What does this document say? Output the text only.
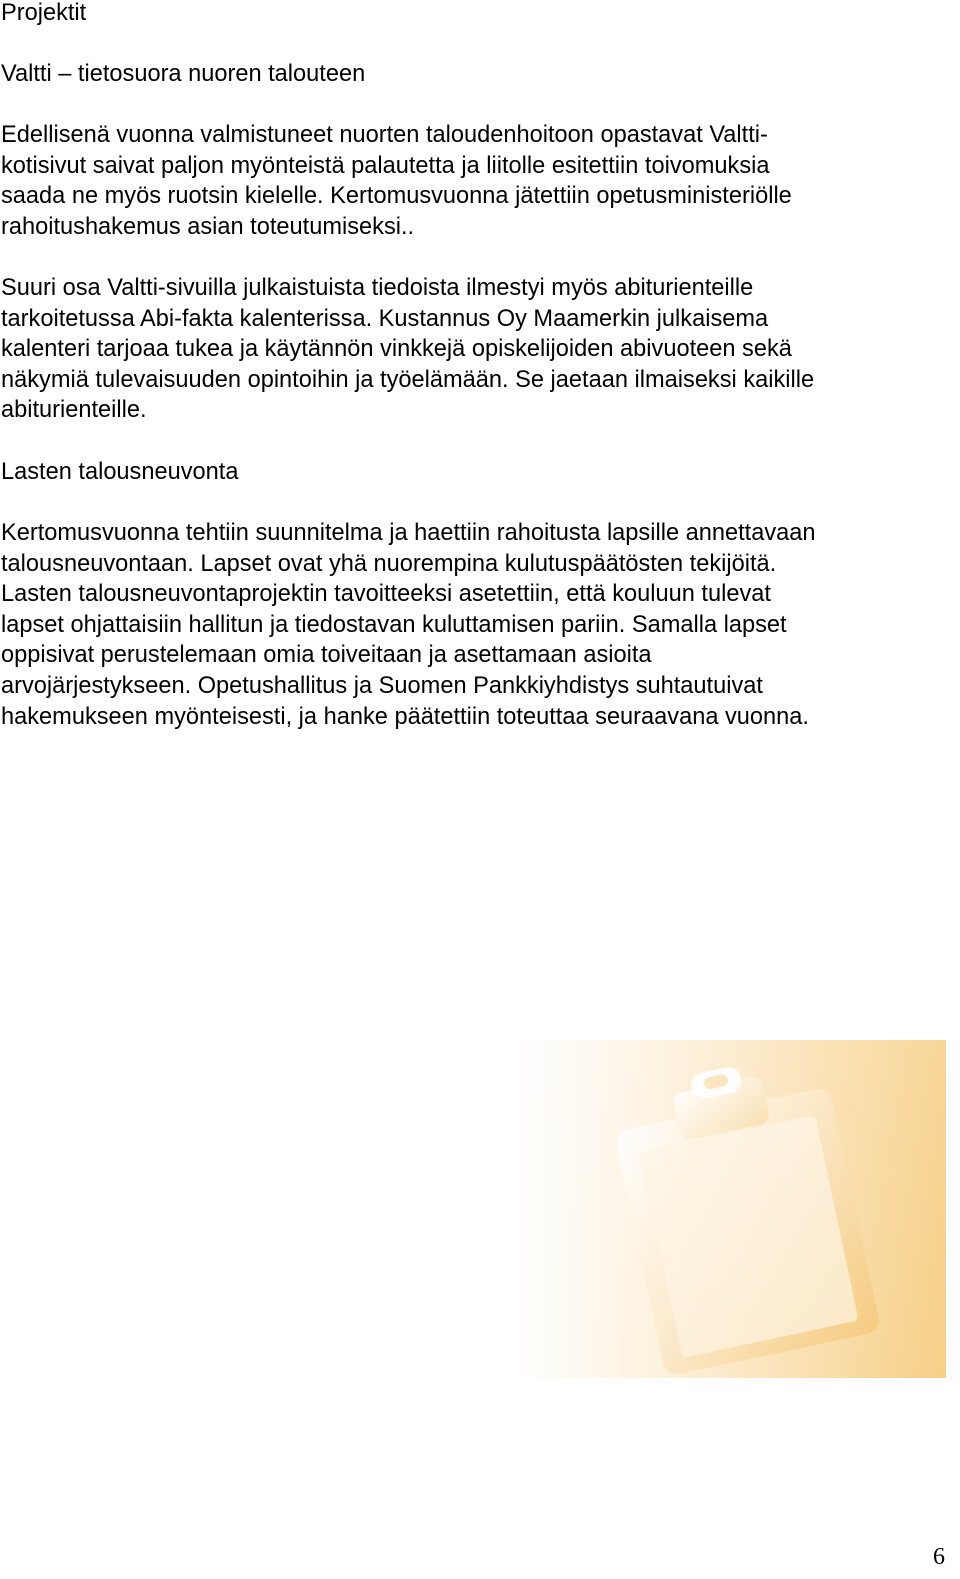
Projektit

Valtti – tietosuora nuoren talouteen

Edellisenä vuonna valmistuneet nuorten taloudenhoitoon opastavat Valtti-
kotisivut saivat paljon myönteistä palautetta ja liitolle esitettiin toivomuksia
saada ne myös ruotsin kielelle. Kertomusvuonna jätettiin opetusministeriölle
rahoitushakemus asian toteutumiseksi..

Suuri osa Valtti-sivuilla julkaistuista tiedoista ilmestyi myös abiturienteille
tarkoitetussa Abi-fakta kalenterissa. Kustannus Oy Maamerkin julkaisema
kalenteri tarjoaa tukea ja käytännön vinkkejä opiskelijoiden abivuoteen sekä
näkymiä tulevaisuuden opintoihin ja työelämään. Se jaetaan ilmaiseksi kaikille
abiturienteille.

Lasten talousneuvonta

Kertomusvuonna tehtiin suunnitelma ja haettiin rahoitusta lapsille annettavaan
talousneuvontaan. Lapset ovat yhä nuorempina kulutuspäätösten tekijöitä.
Lasten talousneuvontaprojektin tavoitteeksi asetettiin, että kouluun tulevat
lapset ohjattaisiin hallitun ja tiedostavan kuluttamisen pariin. Samalla lapset
oppisivat perustelemaan omia toiveitaan ja asettamaan asioita
arvojärjestykseen. Opetushallitus ja Suomen Pankkiyhdistys suhtautuivat
hakemukseen myönteisesti, ja hanke päätettiin toteuttaa seuraavana vuonna.

6
